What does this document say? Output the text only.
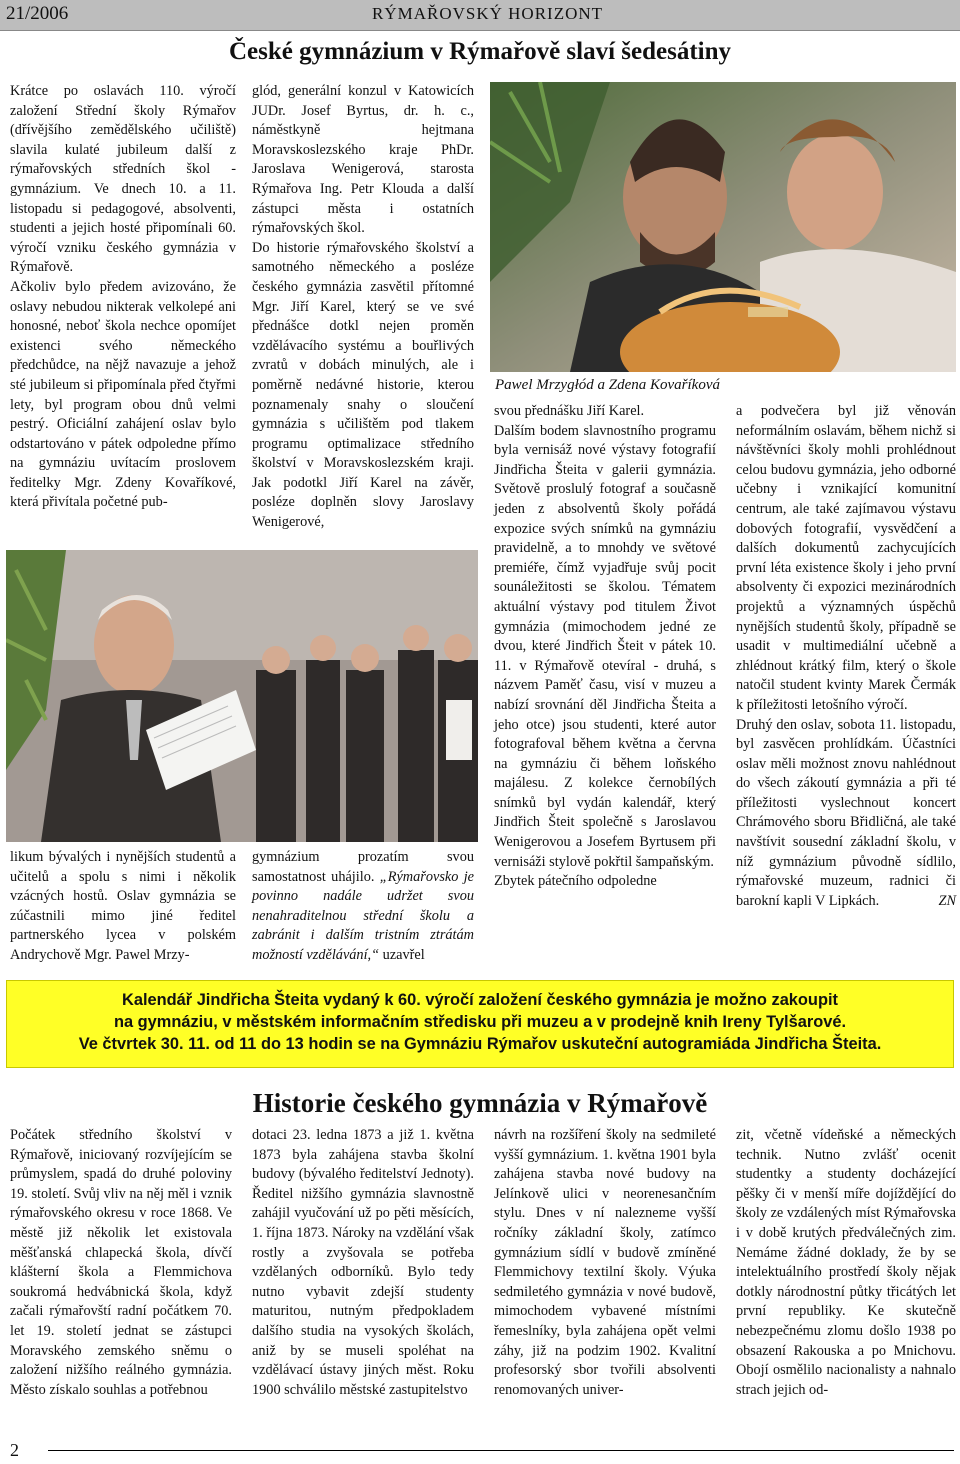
21/2006	RÝMAŘOVSKÝ HORIZONT
České gymnázium v Rýmařově slaví šedesátiny

Krátce po oslavách 110. výročí založení Střední školy Rýmařov (dřívějšího zemědělského učiliště) slavila kulaté jubileum další z rýmařovských středních škol - gymnázium. Ve dnech 10. a 11. listopadu si pedagogové, absolventi, studenti a jejich hosté připomínali 60. výročí vzniku českého gymnázia v Rýmařově.

Ačkoliv bylo předem avizováno, že oslavy nebudou nikterak velkolepé ani honosné, neboť škola nechce opomíjet existenci svého německého předchůdce, na nějž navazuje a jehož sté jubileum si připomínala před čtyřmi lety, byl program obou dnů velmi pestrý. Oficiální zahájení oslav bylo odstartováno v pátek odpoledne přímo na gymnáziu uvítacím proslovem ředitelky Mgr. Zdeny Kovaříkové, která přivítala početné pub-

glód, generální konzul v Katowicích JUDr. Josef Byrtus, dr. h. c., náměstkyně hejtmana Moravskoslezského kraje PhDr. Jaroslava Wenigerová, starosta Rýmařova Ing. Petr Klouda a další zástupci města i ostatních rýmařovských škol.

Do historie rýmařovského školství a samotného německého a posléze českého gymnázia zasvětil přítomné Mgr. Jiří Karel, který se ve své přednášce dotkl nejen proměn vzdělávacího systému a bouřlivých zvratů v dobách minulých, ale i poměrně nedávné historie, kterou poznamenaly snahy o sloučení gymnázia s učilištěm pod tlakem programu optimalizace středního školství v Moravskoslezském kraji. Jak podotkl Jiří Karel na závěr, posléze doplněn slovy Jaroslavy Wenigerové,

Pawel Mrzygłód a Zdena Kovaříková

svou přednášku Jiří Karel.

Dalším bodem slavnostního programu byla vernisáž nové výstavy fotografií Jindřicha Šteita v galerii gymnázia. Světově proslulý fotograf a současně jeden z absolventů školy pořádá expozice svých snímků na gymnáziu pravidelně, a to mnohdy ve světové premiéře, čímž vyjadřuje svůj pocit sounáležitosti se školou. Tématem aktuální výstavy pod titulem Život gymnázia (mimochodem jedné ze dvou, které Jindřich Šteit v pátek 10. 11. v Rýmařově otevíral - druhá, s názvem Paměť času, visí v muzeu a nabízí srovnání děl Jindřicha Šteita a jeho otce) jsou studenti, které autor fotografoval během května a června na gymnáziu či během loňského majálesu. Z kolekce černobílých snímků byl vydán kalendář, který Jindřich Šteit společně s Jaroslavou Wenigerovou a Josefem Byrtusem při vernisáži stylově pokřtil šampaňským.

Zbytek pátečního odpoledne

a podvečera byl již věnován neformálním oslavám, během nichž si návštěvníci školy mohli prohlédnout celou budovu gymnázia, jeho odborné učebny i vznikající komunitní centrum, ale také zajímavou výstavu dobových fotografií, vysvědčení a dalších dokumentů zachycujících první léta existence školy i jeho první absolventy či expozici mezinárodních projektů a významných úspěchů nynějších studentů školy, případně se usadit v multimediální učebně a zhlédnout krátký film, který o škole natočil student kvinty Marek Čermák k příležitosti letošního výročí.

Druhý den oslav, sobota 11. listopadu, byl zasvěcen prohlídkám. Účastníci oslav měli možnost znovu nahlédnout do všech zákoutí gymnázia a při té příležitosti vyslechnout koncert Chrámového sboru Břidličná, ale také navštívit sousední základní školu, v níž gymnázium původně sídlilo, rýmařovské muzeum, radnici či barokní kapli V Lipkách.	ZN

likum bývalých i nynějších studentů a učitelů a spolu s nimi i několik vzácných hostů. Oslav gymnázia se zúčastnili mimo jiné ředitel partnerského lycea v polském Andrychově Mgr. Pawel Mrzy-

gymnázium prozatím svou samostatnost uhájilo. „Rýmařovsko je povinno nadále udržet svou nenahraditelnou střední školu a zabránit i dalším tristním ztrátám možností vzdělávání,“ uzavřel

Kalendář Jindřicha Šteita vydaný k 60. výročí založení českého gymnázia je možno zakoupit
na gymnáziu, v městském informačním středisku při muzeu a v prodejně knih Ireny Tylšarové.
Ve čtvrtek 30. 11. od 11 do 13 hodin se na Gymnáziu Rýmařov uskuteční autogramiáda Jindřicha Šteita.
Historie českého gymnázia v Rýmařově

Počátek středního školství v Rýmařově, iniciovaný rozvíjejícím se průmyslem, spadá do druhé poloviny 19. století. Svůj vliv na něj měl i vznik rýmařovského okresu v roce 1868. Ve městě již několik let existovala měšťanská chlapecká škola, dívčí klášterní škola a Flemmichova soukromá hedvábnická škola, když začali rýmařovští radní počátkem 70. let 19. století jednat se zástupci Moravského zemského sněmu o založení nižšího reálného gymnázia. Město získalo souhlas a potřebnou

dotaci 23. ledna 1873 a již 1. května 1873 byla zahájena stavba školní budovy (bývalého ředitelství Jednoty). Ředitel nižšího gymnázia slavnostně zahájil vyučování už po pěti měsících, 1. října 1873. Nároky na vzdělání však rostly a zvyšovala se potřeba vzdělaných odborníků. Bylo tedy nutno vybavit zdejší studenty maturitou, nutným předpokladem dalšího studia na vysokých školách, aniž by se museli spoléhat na vzdělávací ústavy jiných měst. Roku 1900 schválilo městské zastupitelstvo

návrh na rozšíření školy na sedmileté vyšší gymnázium. 1. května 1901 byla zahájena stavba nové budovy na Jelínkově ulici v neorenesančním stylu. Dnes v ní nalezneme vyšší ročníky základní školy, zatímco gymnázium sídlí v budově zmíněné Flemmichovy textilní školy. Výuka sedmiletého gymnázia v nové budově, mimochodem vybavené místními řemeslníky, byla zahájena opět velmi záhy, již na podzim 1902. Kvalitní profesorský sbor tvořili absolventi renomovaných univer-

zit, včetně vídeňské a německých technik. Nutno zvlášť ocenit studentky a studenty docházející pěšky či v menší míře dojíždějící do školy ze vzdálených míst Rýmařovska i v době krutých předválečných zim. Nemáme žádné doklady, že by se intelektuálního prostředí školy nějak dotkly národnostní půtky třicátých let první republiky. Ke skutečně nebezpečnému zlomu došlo 1938 po obsazení Rakouska a po Mnichovu. Obojí osmělilo nacionalisty a nahnalo strach jejich od-

2
